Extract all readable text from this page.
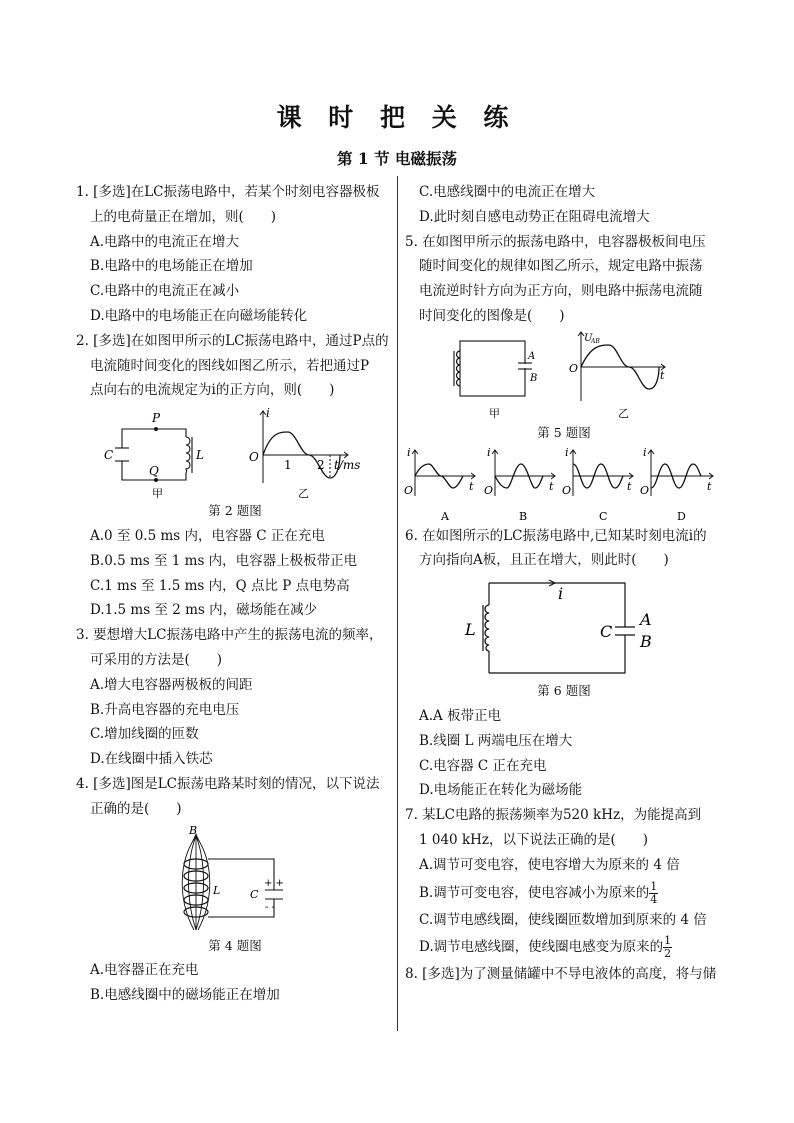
课 时 把 关 练
第 1 节 电磁振荡
1. [多选]在LC振荡电路中，若某个时刻电容器极板
上的电荷量正在增加，则(　　)
A.电路中的电流正在增大
B.电路中的电场能正在增加
C.电路中的电流正在减小
D.电路中的电场能正在向磁场能转化
2. [多选]在如图甲所示的LC振荡电路中，通过P点的
电流随时间变化的图线如图乙所示，若把通过P
点向右的电流规定为i的正方向，则(　　)
P
Q
C	L
甲
i
O
1 2 t/ms
乙
第 2 题图
A.0 至 0.5 ms 内，电容器 C 正在充电
B.0.5 ms 至 1 ms 内，电容器上极板带正电
C.1 ms 至 1.5 ms 内，Q 点比 P 点电势高
D.1.5 ms 至 2 ms 内，磁场能在减少
3. 要想增大LC振荡电路中产生的振荡电流的频率，
可采用的方法是(　　)
A.增大电容器两极板的间距
B.升高电容器的充电电压
C.增加线圈的匝数
D.在线圈中插入铁芯
4. [多选]图是LC振荡电路某时刻的情况，以下说法
正确的是(　　)
B
L	C
+ +
- -
第 4 题图
A.电容器正在充电
B.电感线圈中的磁场能正在增加
C.电感线圈中的电流正在增大
D.此时刻自感电动势正在阻碍电流增大
5. 在如图甲所示的振荡电路中，电容器极板间电压
随时间变化的规律如图乙所示，规定电路中振荡
电流逆时针方向为正方向，则电路中振荡电流随
时间变化的图像是(　　)
A
B
甲
U
AB
O
t
乙
第 5 题图
i
O	t
A
i
O	t
B
i
O	t
C
i
O	t
D
6. 在如图所示的LC振荡电路中,已知某时刻电流i的
方向指向A板，且正在增大，则此时(　　)
i
L	C
A
B
第 6 题图
A.A 板带正电
B.线圈 L 两端电压在增大
C.电容器 C 正在充电
D.电场能正在转化为磁场能
7. 某LC电路的振荡频率为520 kHz，为能提高到
1 040 kHz，以下说法正确的是(　　)
A.调节可变电容，使电容增大为原来的 4 倍
B.调节可变电容，使电容减小为原来的 $\frac{1}{4}$
C.调节电感线圈，使线圈匝数增加到原来的 4 倍
D.调节电感线圈，使线圈电感变为原来的 $\frac{1}{2}$
8. [多选]为了测量储罐中不导电液体的高度，将与储
